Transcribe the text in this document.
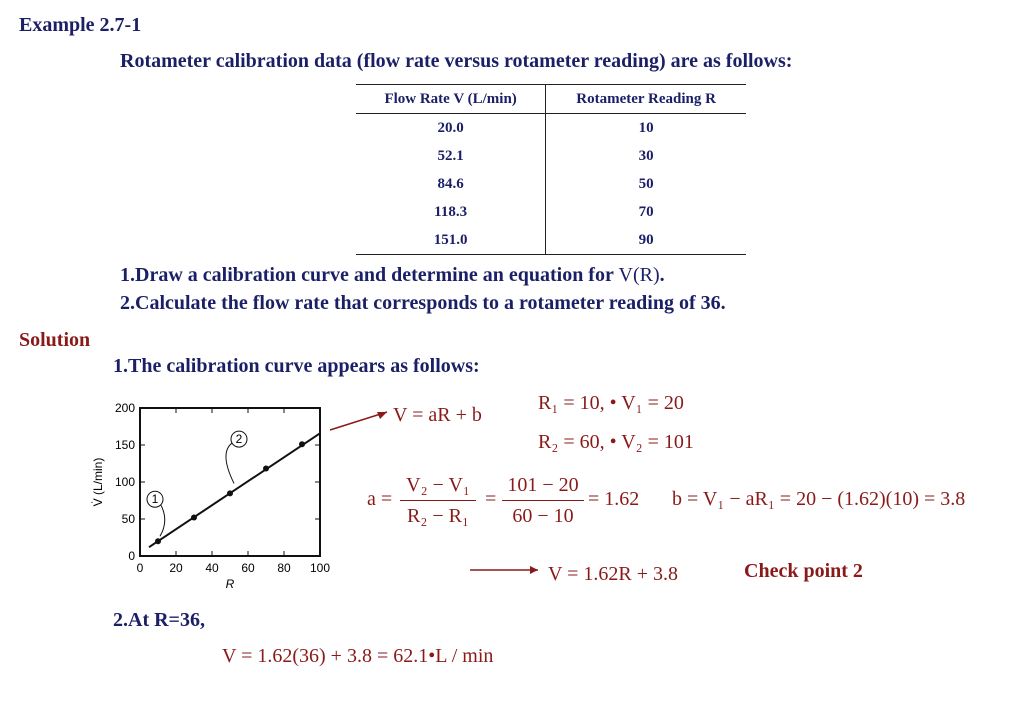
Example 2.7-1
Rotameter calibration data (flow rate versus rotameter reading) are as follows:
Flow Rate V (L/min)	Rotameter Reading R
20.0	10
52.1	30
84.6	50
118.3	70
151.0	90
1.Draw a calibration curve and determine an equation for V(R).
2.Calculate the flow rate that corresponds to a rotameter reading of 36.
Solution
1.The calibration curve appears as follows:
0 20 40 60 80 100
0
50
100
150
200
1
2
R
V̇ (L/min)
V = aR + b
R₁ = 10, • V₁ = 20
R₂ = 60, • V₂ = 101
a =
V₂ − V₁
R₂ − R₁
=
101 − 20
60 − 10
= 1.62 b = V₁ − aR₁ = 20 − (1.62)(10) = 3.8
V = 1.62R + 3.8	Check point 2
2.At R=36,
V = 1.62(36) + 3.8 = 62.1•L / min
